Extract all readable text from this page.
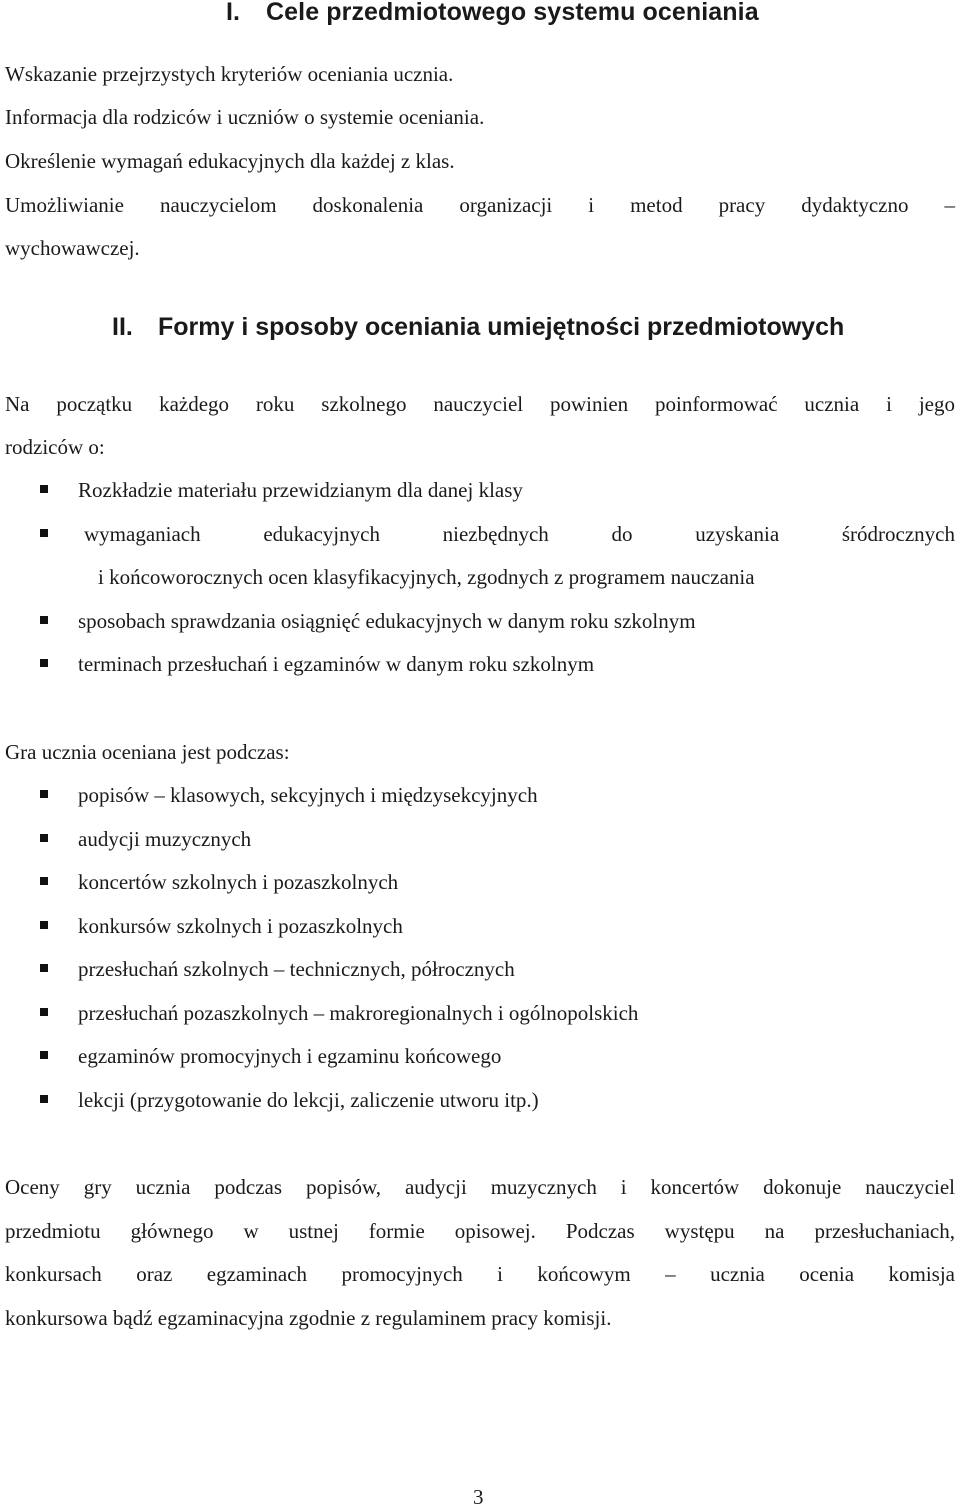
I. Cele przedmiotowego systemu oceniania
Wskazanie przejrzystych kryteriów oceniania ucznia.
Informacja dla rodziców i uczniów o systemie oceniania.
Określenie wymagań edukacyjnych dla każdej z klas.
Umożliwianie nauczycielom doskonalenia organizacji i metod pracy dydaktyczno –
wychowawczej.
II. Formy i sposoby oceniania umiejętności przedmiotowych
Na początku każdego roku szkolnego nauczyciel powinien poinformować ucznia i jego
rodziców o:
Rozkładzie materiału przewidzianym dla danej klasy
wymaganiach edukacyjnych niezbędnych do uzyskania śródrocznych
i końcoworocznych ocen klasyfikacyjnych, zgodnych z programem nauczania
sposobach sprawdzania osiągnięć edukacyjnych w danym roku szkolnym
terminach przesłuchań i egzaminów w danym roku szkolnym
Gra ucznia oceniana jest podczas:
popisów – klasowych, sekcyjnych i międzysekcyjnych
audycji muzycznych
koncertów szkolnych i pozaszkolnych
konkursów szkolnych i pozaszkolnych
przesłuchań szkolnych – technicznych, półrocznych
przesłuchań pozaszkolnych – makroregionalnych i ogólnopolskich
egzaminów promocyjnych i egzaminu końcowego
lekcji (przygotowanie do lekcji, zaliczenie utworu itp.)
Oceny gry ucznia podczas popisów, audycji muzycznych i koncertów dokonuje nauczyciel
przedmiotu głównego w ustnej formie opisowej. Podczas występu na przesłuchaniach,
konkursach oraz egzaminach promocyjnych i końcowym – ucznia ocenia komisja
konkursowa bądź egzaminacyjna zgodnie z regulaminem pracy komisji.
3
